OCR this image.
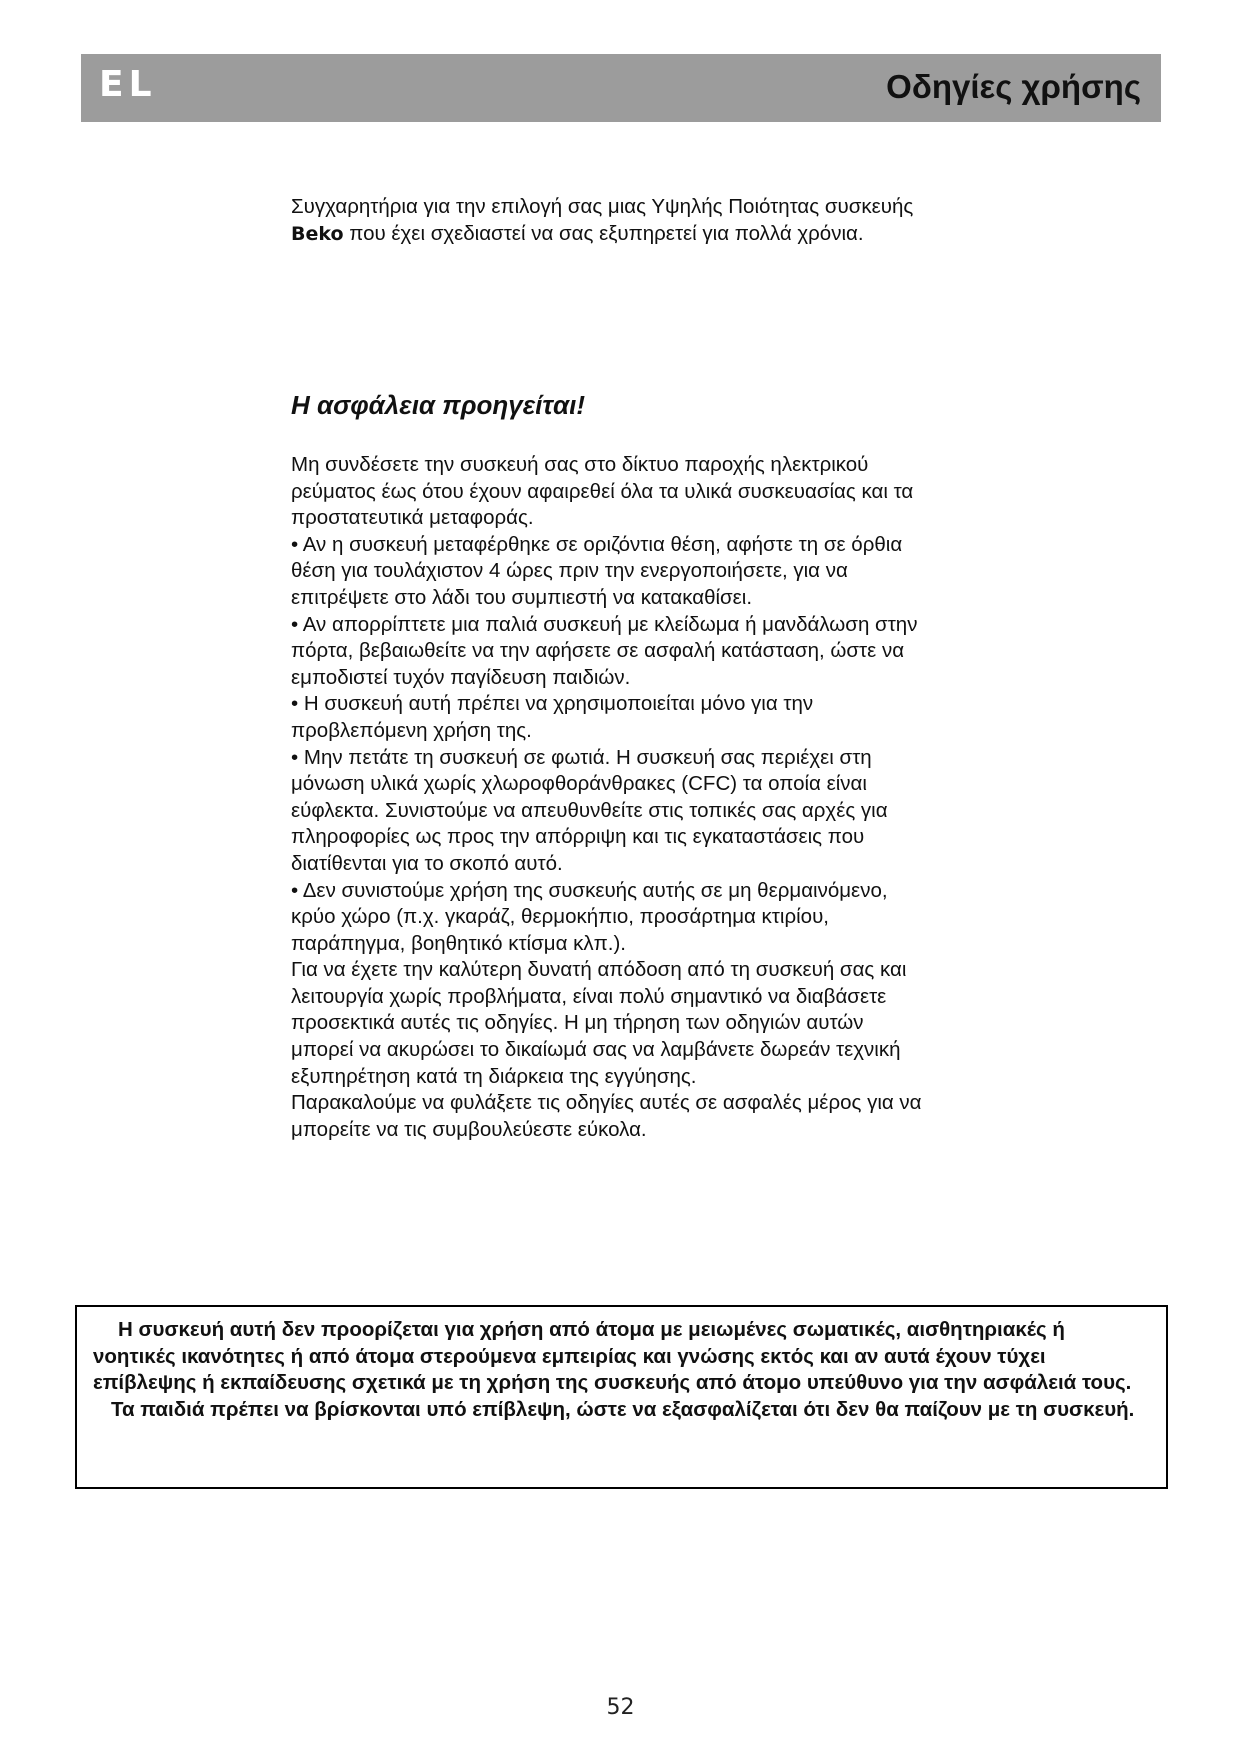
EL	Οδηγίες χρήσης
Συγχαρητήρια για την επιλογή σας μιας Υψηλής Ποιότητας συσκευής Beko που έχει σχεδιαστεί να σας εξυπηρετεί για πολλά χρόνια.
Η ασφάλεια προηγείται!

Μη συνδέσετε την συσκευή σας στο δίκτυο παροχής ηλεκτρικού ρεύματος έως ότου έχουν αφαιρεθεί όλα τα υλικά συσκευασίας και τα προστατευτικά μεταφοράς.

• Αν η συσκευή μεταφέρθηκε σε οριζόντια θέση, αφήστε τη σε όρθια θέση για τουλάχιστον 4 ώρες πριν την ενεργοποιήσετε, για να επιτρέψετε στο λάδι του συμπιεστή να κατακαθίσει.

• Αν απορρίπτετε μια παλιά συσκευή με κλείδωμα ή μανδάλωση στην πόρτα, βεβαιωθείτε να την αφήσετε σε ασφαλή κατάσταση, ώστε να εμποδιστεί τυχόν παγίδευση παιδιών.

• Η συσκευή αυτή πρέπει να χρησιμοποιείται μόνο για την προβλεπόμενη χρήση της.

• Μην πετάτε τη συσκευή σε φωτιά. Η συσκευή σας περιέχει στη μόνωση υλικά χωρίς χλωροφθοράνθρακες (CFC) τα οποία είναι εύφλεκτα. Συνιστούμε να απευθυνθείτε στις τοπικές σας αρχές για πληροφορίες ως προς την απόρριψη και τις εγκαταστάσεις που διατίθενται για το σκοπό αυτό.

• Δεν συνιστούμε χρήση της συσκευής αυτής σε μη θερμαινόμενο, κρύο χώρο (π.χ. γκαράζ, θερμοκήπιο, προσάρτημα κτιρίου, παράπηγμα, βοηθητικό κτίσμα κλπ.).

Για να έχετε την καλύτερη δυνατή απόδοση από τη συσκευή σας και λειτουργία χωρίς προβλήματα, είναι πολύ σημαντικό να διαβάσετε προσεκτικά αυτές τις οδηγίες. Η μη τήρηση των οδηγιών αυτών μπορεί να ακυρώσει το δικαίωμά σας να λαμβάνετε δωρεάν τεχνική εξυπηρέτηση κατά τη διάρκεια της εγγύησης.

Παρακαλούμε να φυλάξετε τις οδηγίες αυτές σε ασφαλές μέρος για να μπορείτε να τις συμβουλεύεστε εύκολα.

Η συσκευή αυτή δεν προορίζεται για χρήση από άτομα με μειωμένες σωματικές, αισθητηριακές ή νοητικές ικανότητες ή από άτομα στερούμενα εμπειρίας και γνώσης εκτός και αν αυτά έχουν τύχει επίβλεψης ή εκπαίδευσης σχετικά με τη χρήση της συσκευής από άτομο υπεύθυνο για την ασφάλειά τους.

Τα παιδιά πρέπει να βρίσκονται υπό επίβλεψη, ώστε να εξασφαλίζεται ότι δεν θα παίζουν με τη συσκευή.

52
